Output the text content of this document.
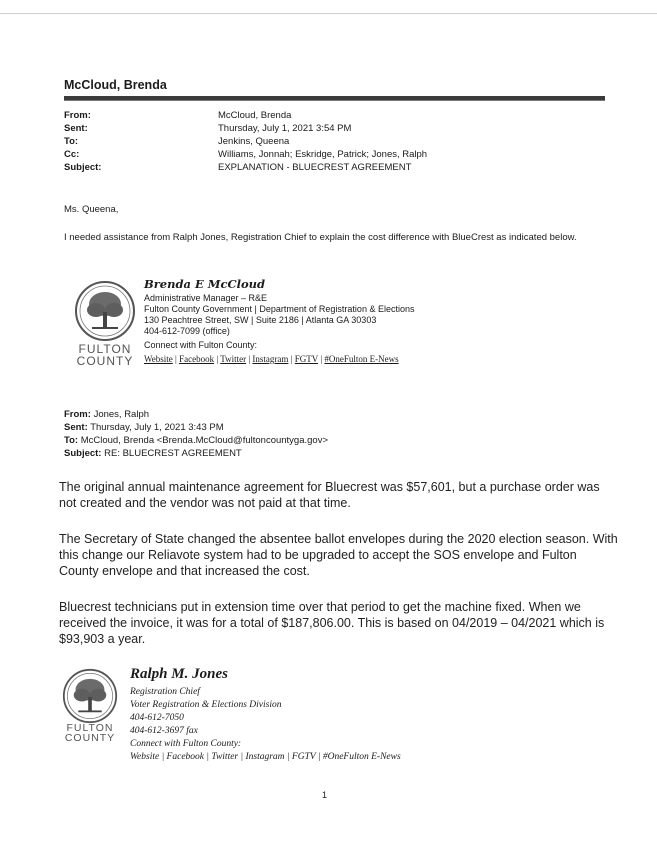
McCloud, Brenda
From:	McCloud, Brenda
Sent:	Thursday, July 1, 2021 3:54 PM
To:	Jenkins, Queena
Cc:	Williams, Jonnah; Eskridge, Patrick; Jones, Ralph
Subject:	EXPLANATION - BLUECREST AGREEMENT
Ms. Queena,
I needed assistance from Ralph Jones, Registration Chief to explain the cost difference with BlueCrest as indicated below.
FULTON
COUNTY
Brenda E McCloud
Administrative Manager – R&E
Fulton County Government | Department of Registration & Elections
130 Peachtree Street, SW | Suite 2186 | Atlanta GA 30303
404-612-7099 (office)
Connect with Fulton County:
Website | Facebook | Twitter | Instagram | FGTV | #OneFulton E-News
From: Jones, Ralph
Sent: Thursday, July 1, 2021 3:43 PM
To: McCloud, Brenda <Brenda.McCloud@fultoncountyga.gov>
Subject: RE: BLUECREST AGREEMENT
The original annual maintenance agreement for Bluecrest was $57,601, but a purchase order was not created and the vendor was not paid at that time.
The Secretary of State changed the absentee ballot envelopes during the 2020 election season. With this change our Reliavote system had to be upgraded to accept the SOS envelope and Fulton County envelope and that increased the cost.
Bluecrest technicians put in extension time over that period to get the machine fixed. When we received the invoice, it was for a total of $187,806.00. This is based on 04/2019 – 04/2021 which is $93,903 a year.
FULTON
COUNTY
Ralph M. Jones
Registration Chief
Voter Registration & Elections Division
404-612-7050
404-612-3697 fax
Connect with Fulton County:
Website | Facebook | Twitter | Instagram | FGTV | #OneFulton E-News
1
